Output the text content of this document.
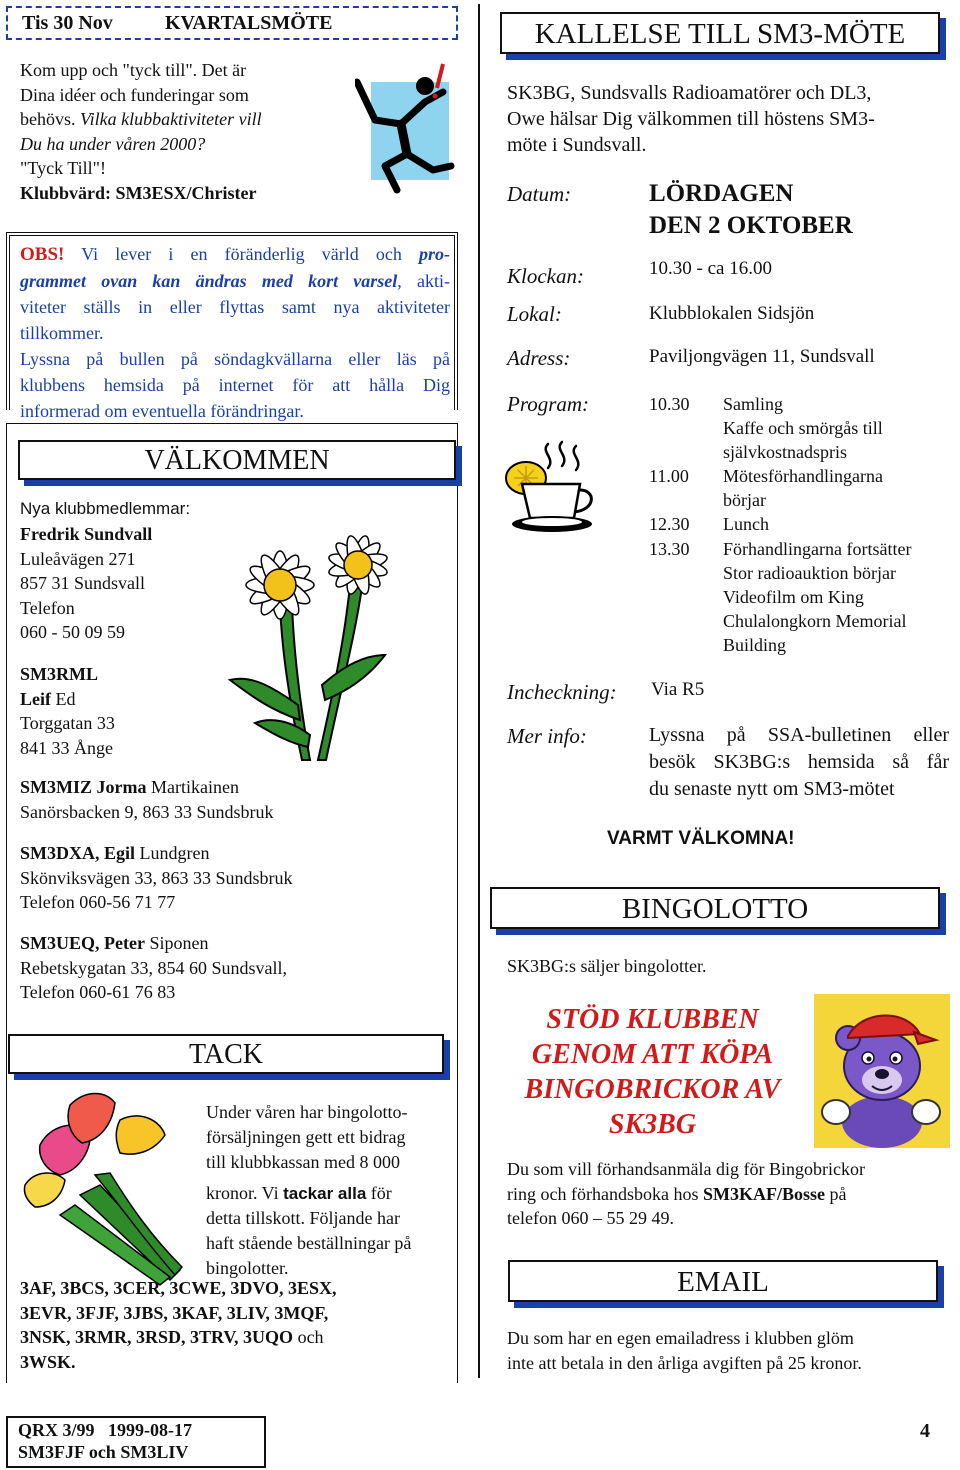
Tis 30 Nov	KVARTALSMÖTE
Kom upp och "tyck till". Det är
Dina idéer och funderingar som
behövs. Vilka klubbaktiviteter vill
Du ha under våren 2000?
"Tyck Till"!
Klubbvärd: SM3ESX/Christer
OBS! Vi lever i en föränderlig värld och pro-
grammet ovan kan ändras med kort varsel, akti-
viteter ställs in eller flyttas samt nya aktiviteter
tillkommer.
Lyssna på bullen på söndagkvällarna eller läs på
klubbens hemsida på internet för att hålla Dig
informerad om eventuella förändringar.
VÄLKOMMEN
Nya klubbmedlemmar:
Fredrik Sundvall
Luleåvägen 271
857 31 Sundsvall
Telefon
060 - 50 09 59
SM3RML
Leif Ed
Torggatan 33
841 33 Ånge
SM3MIZ Jorma Martikainen
Sanörsbacken 9, 863 33 Sundsbruk
SM3DXA, Egil Lundgren
Skönviksvägen 33, 863 33 Sundsbruk
Telefon 060-56 71 77
SM3UEQ, Peter Siponen
Rebetskygatan 33, 854 60 Sundsvall,
Telefon 060-61 76 83
TACK
Under våren har bingolotto-
försäljningen gett ett bidrag
till klubbkassan med 8 000
kronor. Vi tackar alla för
detta tillskott. Följande har
haft stående beställningar på
bingolotter.
3AF, 3BCS, 3CER, 3CWE, 3DVO, 3ESX,
3EVR, 3FJF, 3JBS, 3KAF, 3LIV, 3MQF,
3NSK, 3RMR, 3RSD, 3TRV, 3UQO och
3WSK.
QRX 3/99 1999-08-17
SM3FJF och SM3LIV
4
KALLELSE TILL SM3-MÖTE
SK3BG, Sundsvalls Radioamatörer och DL3,
Owe hälsar Dig välkommen till höstens SM3-
möte i Sundsvall.
Datum:	LÖRDAGEN
DEN 2 OKTOBER
Klockan:	10.30 - ca 16.00
Lokal:	Klubblokalen Sidsjön
Adress:	Paviljongvägen 11, Sundsvall
Program:	10.30 Samling
Kaffe och smörgås till
självkostnadspris
11.00 Mötesförhandlingarna
börjar
12.30 Lunch
13.30 Förhandlingarna fortsätter
Stor radioauktion börjar
Videofilm om King
Chulalongkorn Memorial
Building
Incheckning: Via R5
Mer info:	Lyssna på SSA-bulletinen eller
besök SK3BG:s hemsida så får
du senaste nytt om SM3-mötet
VARMT VÄLKOMNA!
BINGOLOTTO
SK3BG:s säljer bingolotter.
STÖD KLUBBEN
GENOM ATT KÖPA
BINGOBRICKOR AV
SK3BG
Du som vill förhandsanmäla dig för Bingobrickor
ring och förhandsboka hos SM3KAF/Bosse på
telefon 060 – 55 29 49.
EMAIL
Du som har en egen emailadress i klubben glöm
inte att betala in den årliga avgiften på 25 kronor.
